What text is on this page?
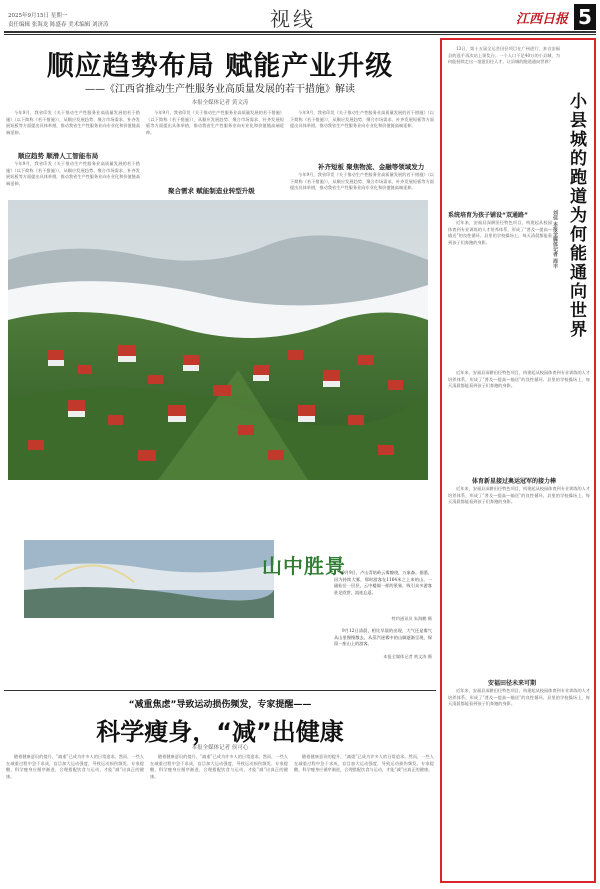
2025年9月15日 星期一
责任编辑 张海龙 陈盛春 美术编辑 刘济涛	视线	江西日报 5
顺应趋势布局 赋能产业升级
——《江西省推动生产性服务业高质量发展的若干措施》解读
本报全媒体记者 黄文涛

今年9月，我省印发《关于推动生产性服务业高质量发展的若干措施》（以下简称《若干措施》），从顺应发展趋势、聚合市场需求、补齐发展短板等方面提出具体举措，推动我省生产性服务业向专业化和价值链高端延伸。

顺应趋势 顺滑人工智能布局

今年9月，我省印发《关于推动生产性服务业高质量发展的若干措施》（以下简称《若干措施》），从顺应发展趋势、聚合市场需求、补齐发展短板等方面提出具体举措，推动我省生产性服务业向专业化和价值链高端延伸。

今年9月，我省印发《关于推动生产性服务业高质量发展的若干措施》（以下简称《若干措施》），从顺应发展趋势、聚合市场需求、补齐发展短板等方面提出具体举措，推动我省生产性服务业向专业化和价值链高端延伸。

聚合需求 赋能制造业转型升级

今年9月，我省印发《关于推动生产性服务业高质量发展的若干措施》（以下简称《若干措施》），从顺应发展趋势、聚合市场需求、补齐发展短板等方面提出具体举措，推动我省生产性服务业向专业化和价值链高端延伸。

补齐短板 聚焦物流、金融等领域发力

今年9月，我省印发《关于推动生产性服务业高质量发展的若干措施》（以下简称《若干措施》），从顺应发展趋势、聚合市场需求、补齐发展短板等方面提出具体举措，推动我省生产性服务业向专业化和价值链高端延伸。

山中胜景

9月9日，卢山青姑岭云雾缭绕，万象森。据悉，因为持续大雾，那时游客在1164米之上来的山，一副仙岳一层层，云中楼阁一样的景象，吸引众多游客驻足欣赏，流连忘返。

特约通讯员 朱海鹏 摄

9月12日清晨，相比早晨的出现，大气还是雾气从山里慢慢散去，从蒸汽迷雾中的山脚逐渐呈现，保留一座山上的游客。

本报全媒体记者 黄文涛 摄
“减重焦虑”导致运动损伤频发，专家提醒——
科学瘦身，“减”出健康
本报全媒体记者 侯可心

随着健康意识的提升，“减重”已成为许多人的日常追求。然而，一些人在减重过程中急于求成，盲目加大运动强度，导致运动损伤频发。专家提醒，科学瘦身应循序渐进，合理搭配饮食与运动，才能“减”出真正的健康。

随着健康意识的提升，“减重”已成为许多人的日常追求。然而，一些人在减重过程中急于求成，盲目加大运动强度，导致运动损伤频发。专家提醒，科学瘦身应循序渐进，合理搭配饮食与运动，才能“减”出真正的健康。

随着健康意识的提升，“减重”已成为许多人的日常追求。然而，一些人在减重过程中急于求成，盲目加大运动强度，导致运动损伤频发。专家提醒，科学瘦身应循序渐进，合理搭配饮食与运动，才能“减”出真正的健康。

13日，第十五届全运会田径项目在广州进行，来自安福县的选手再次站上领奖台。一个人口不足40万的小县城，为何能持续走出一批批田径人才，让县城的跑道通向世界？

小县城的跑道为何能通向世界
刘佳 本报全媒体记者 周丰
系统培育为孩子铺设“双通路”

近年来，安福县深耕田径特色项目，构建起从校园体育到专业训练的人才培养体系，形成了“普及—提高—输送”的良性循环。县里的学校操场上，每天清晨都能看到孩子们奔跑的身影。

近年来，安福县深耕田径特色项目，构建起从校园体育到专业训练的人才培养体系，形成了“普及—提高—输送”的良性循环。县里的学校操场上，每天清晨都能看到孩子们奔跑的身影。

体育新星接过奥运冠军的接力棒

近年来，安福县深耕田径特色项目，构建起从校园体育到专业训练的人才培养体系，形成了“普及—提高—输送”的良性循环。县里的学校操场上，每天清晨都能看到孩子们奔跑的身影。

安福田径未来可期

近年来，安福县深耕田径特色项目，构建起从校园体育到专业训练的人才培养体系，形成了“普及—提高—输送”的良性循环。县里的学校操场上，每天清晨都能看到孩子们奔跑的身影。
